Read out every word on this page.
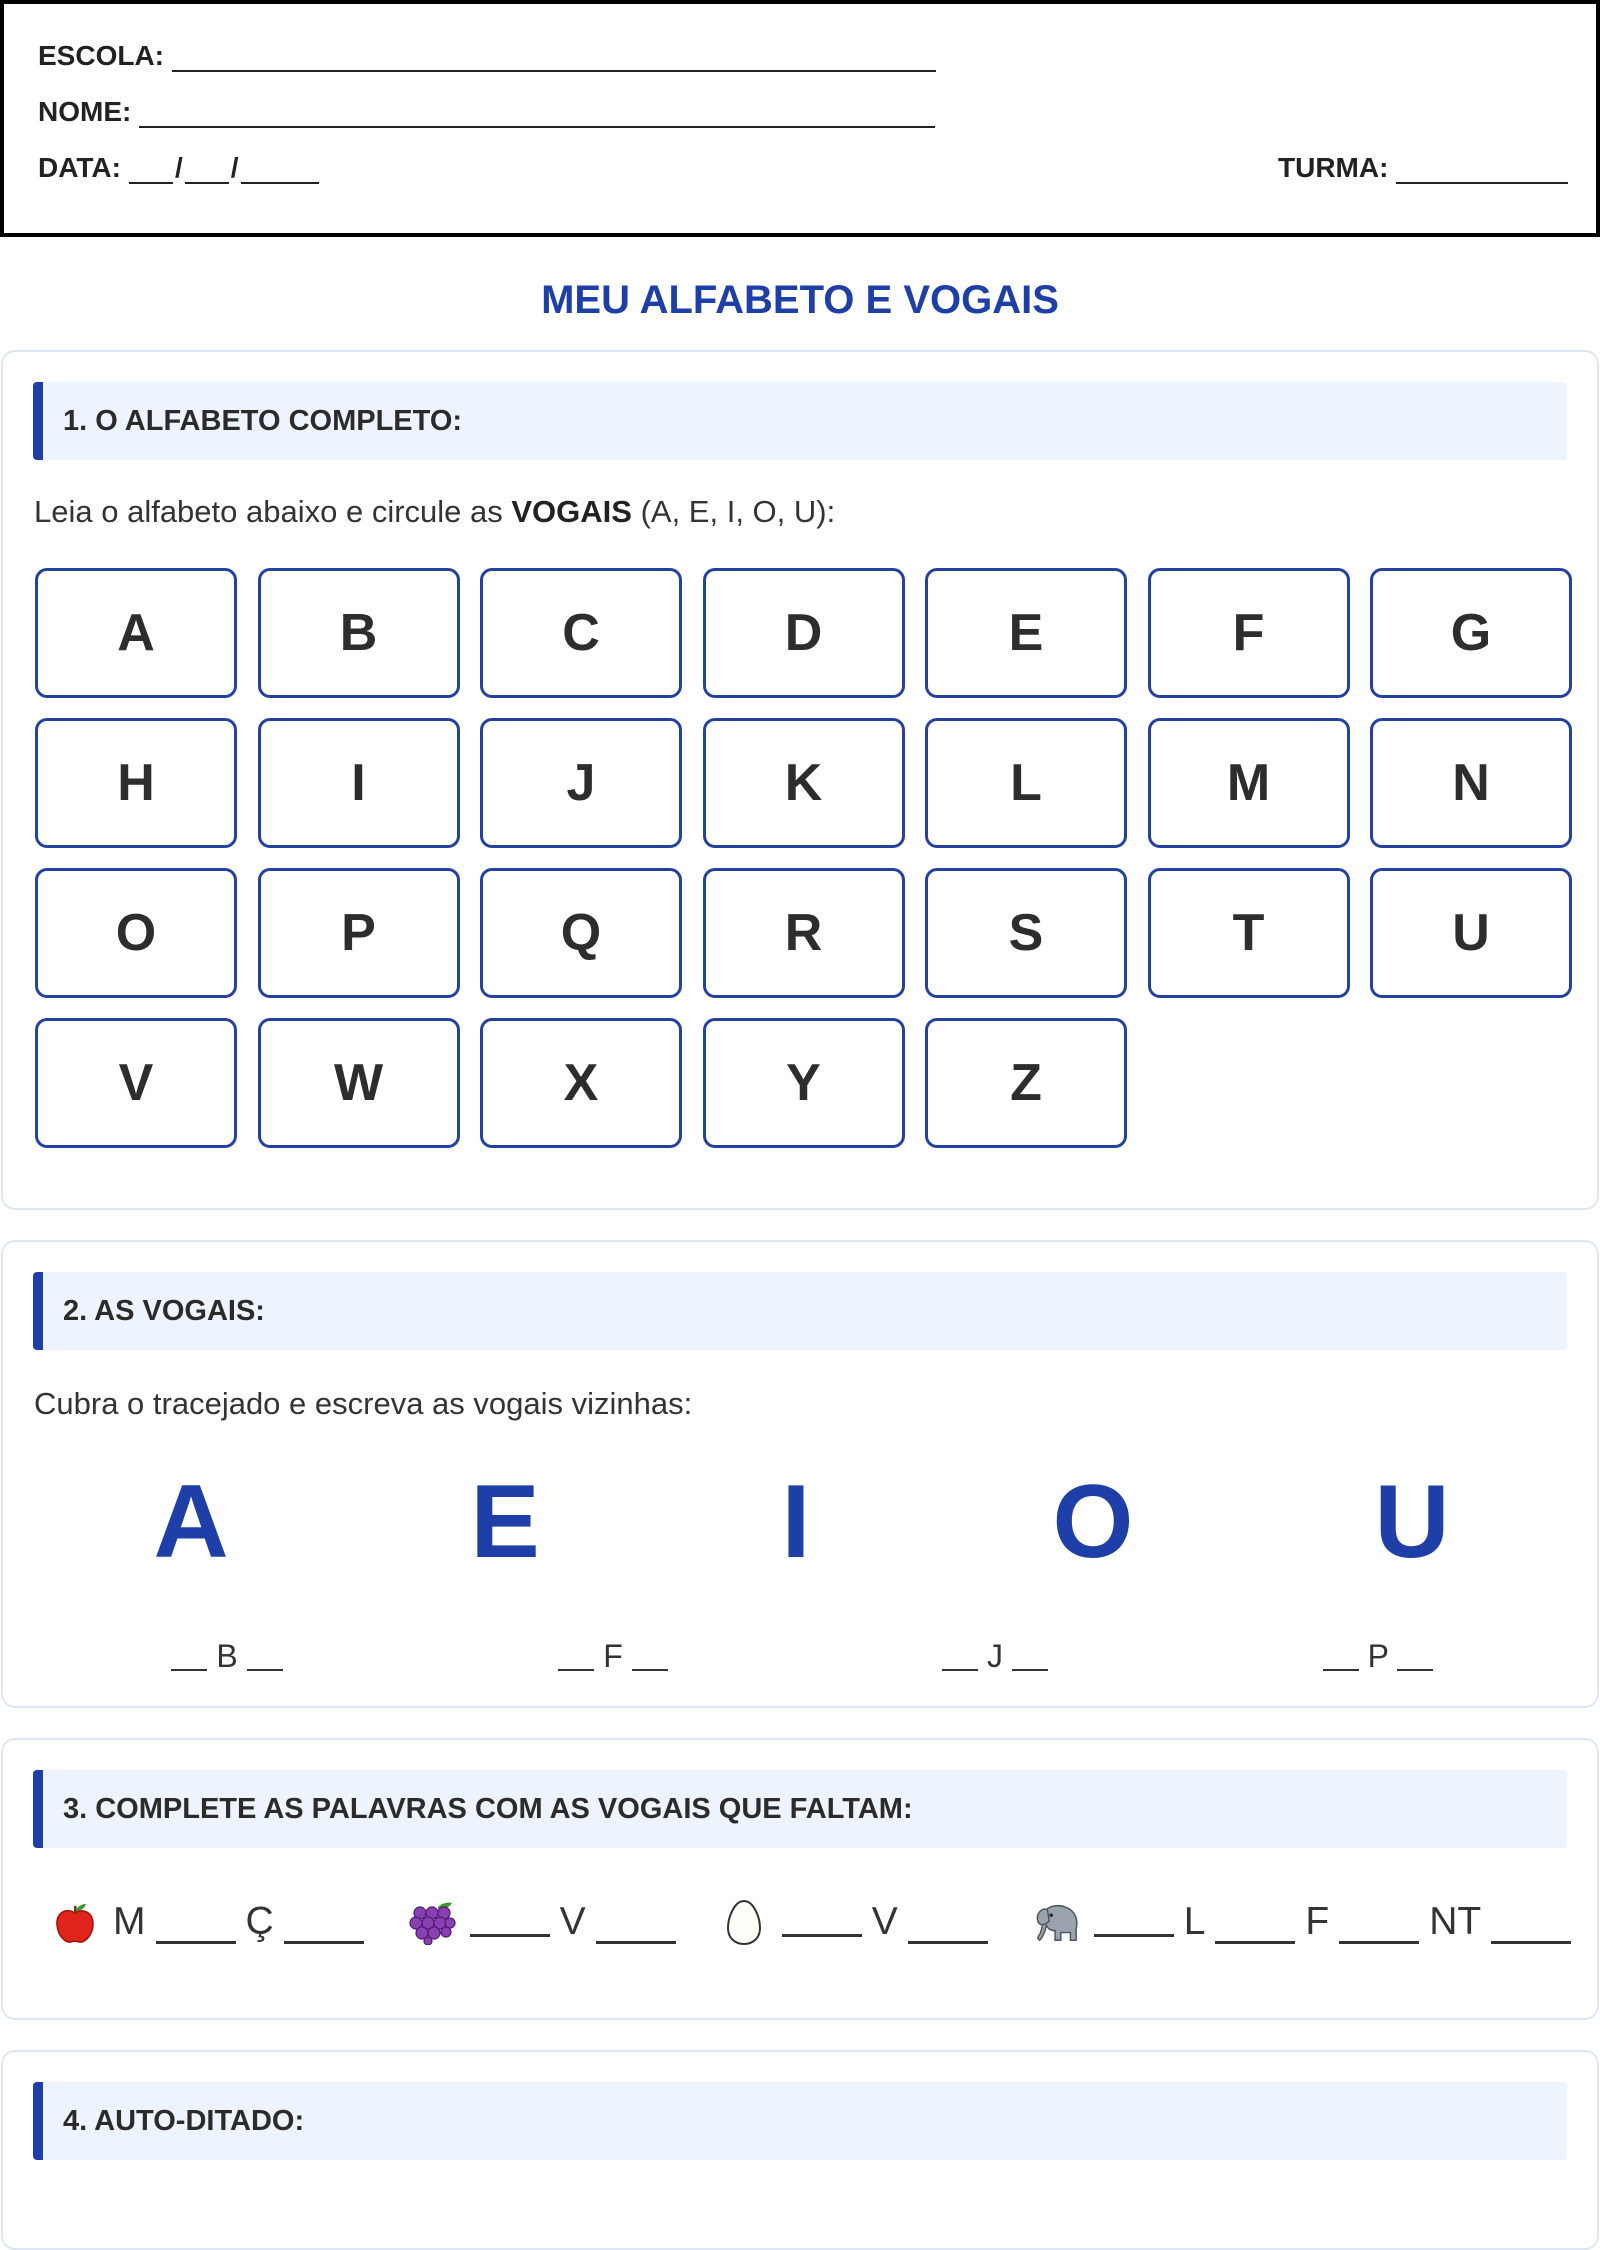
ESCOLA:
NOME:
DATA: / /	TURMA:
MEU ALFABETO E VOGAIS
1. O ALFABETO COMPLETO:
Leia o alfabeto abaixo e circule as VOGAIS (A, E, I, O, U):
A	B	C	D	E	F	G
H	I	J	K	L	M	N
O	P	Q	R	S	T	U
V	W	X	Y	Z
2. AS VOGAIS:
Cubra o tracejado e escreva as vogais vizinhas:
A	E	I	O	U
B	F	J	P
3. COMPLETE AS PALAVRAS COM AS VOGAIS QUE FALTAM:
M	Ç	V	V	L	F	NT
4. AUTO-DITADO:
